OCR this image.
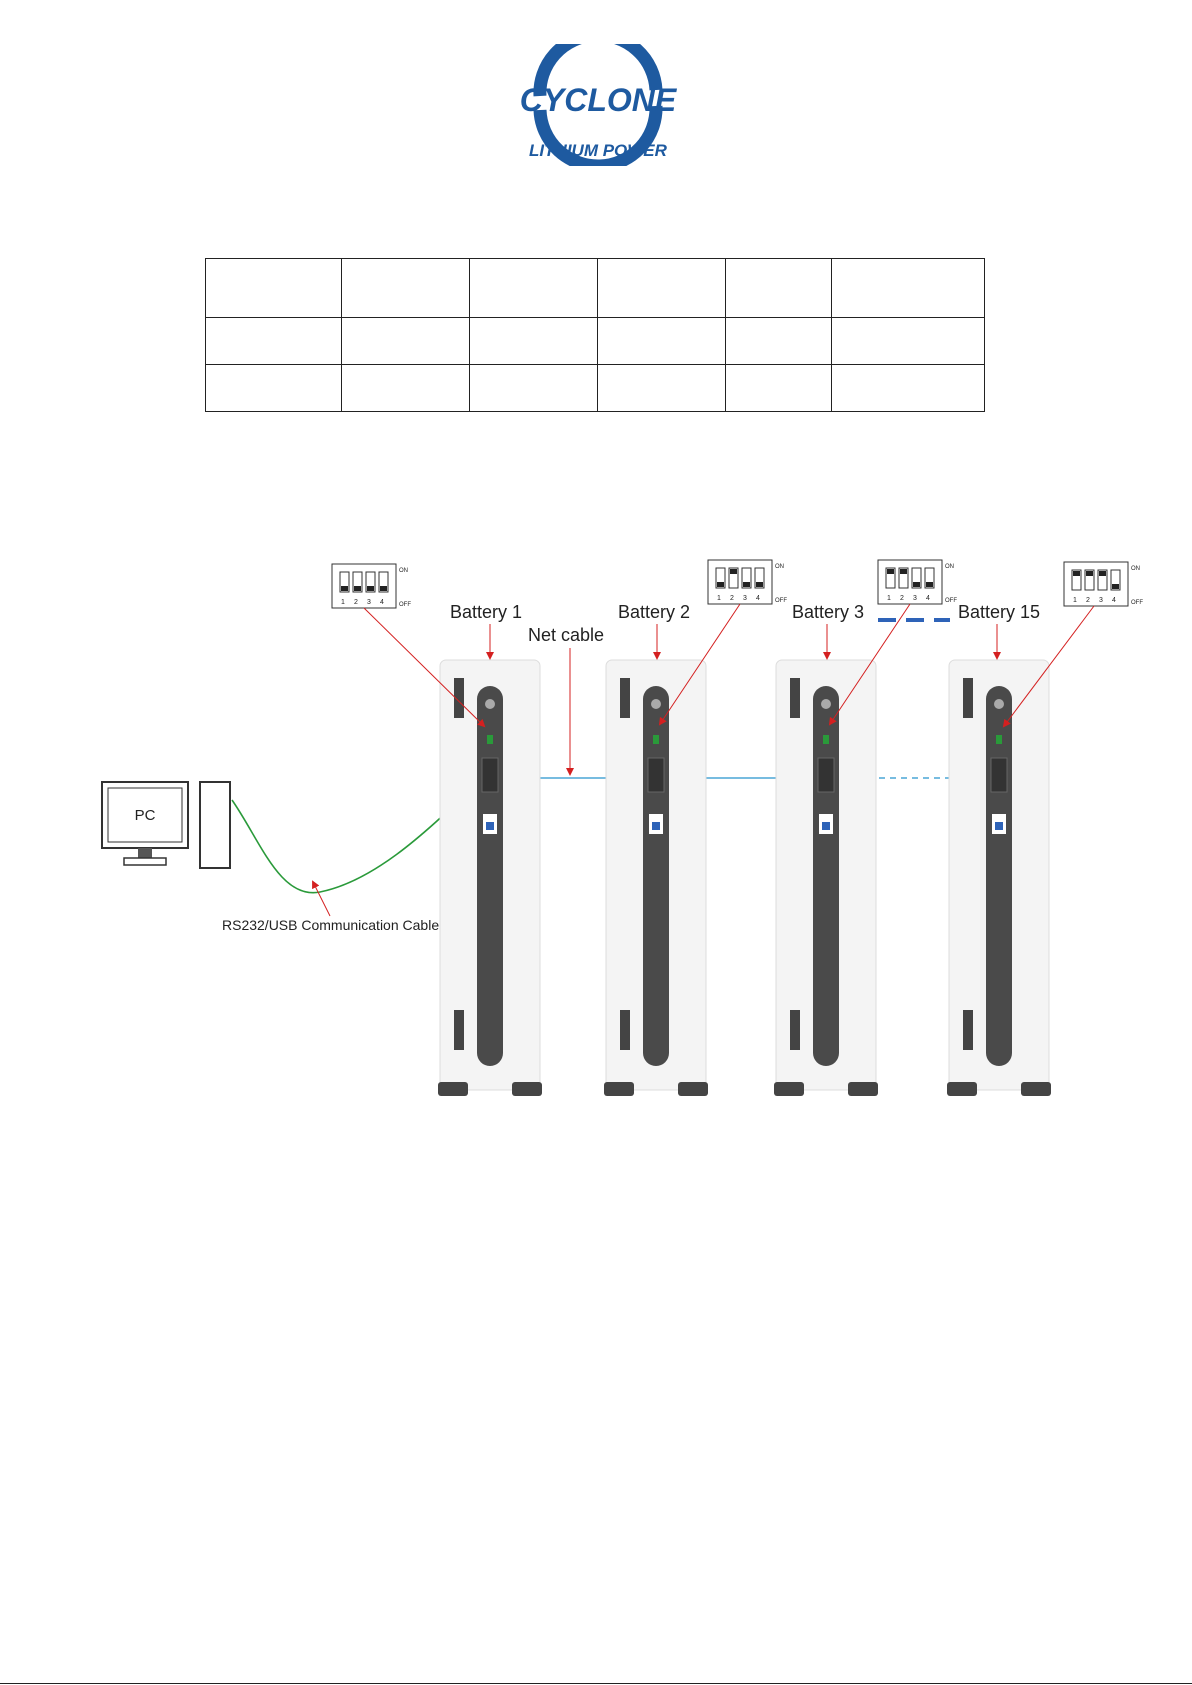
CYCLONE
LITHIUM POWER

PC
RS232/USB Communication Cable
Net cable
Battery 1	Battery 2	Battery 3	Battery 15
1 2 3 4
ON
OFF
1 2 3 4
ON
OFF	1 2 3 4
ON
OFF	1 2 3 4
ON
OFF
